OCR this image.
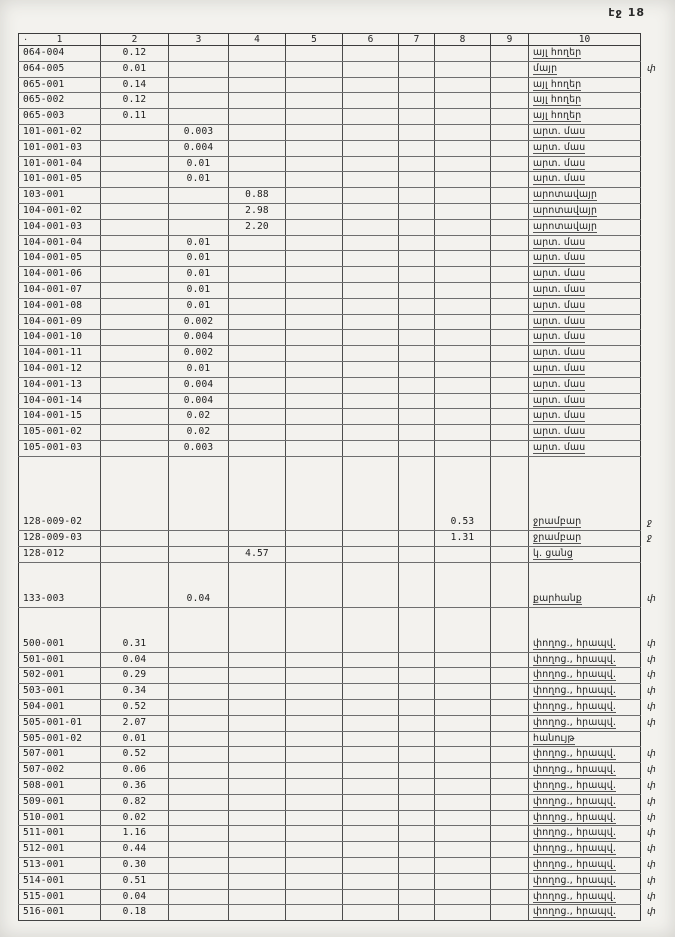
էջ 18
·	1	2	3	4	5	6	7	8	9	10	
064-004	0.12								այլ հողեր	
064-005	0.01								մայր	փ
065-001	0.14								այլ հողեր	
065-002	0.12								այլ հողեր	
065-003	0.11								այլ հողեր	
101-001-02		0.003							արտ. մաս	
101-001-03		0.004							արտ. մաս	
101-001-04		0.01							արտ. մաս	
101-001-05		0.01							արտ. մաս	
103-001			0.88						արոտավայր	
104-001-02			2.98						արոտավայր	
104-001-03			2.20						արոտավայր	
104-001-04		0.01							արտ. մաս	
104-001-05		0.01							արտ. մաս	
104-001-06		0.01							արտ. մաս	
104-001-07		0.01							արտ. մաս	
104-001-08		0.01							արտ. մաս	
104-001-09		0.002							արտ. մաս	
104-001-10		0.004							արտ. մաս	
104-001-11		0.002							արտ. մաս	
104-001-12		0.01							արտ. մաս	
104-001-13		0.004							արտ. մաս	
104-001-14		0.004							արտ. մաս	
104-001-15		0.02							արտ. մաս	
105-001-02		0.02							արտ. մաս	
105-001-03		0.003							արտ. մաս	

128-009-02							0.53		ջրամբար	ջ
128-009-03							1.31		ջրամբար	ջ
128-012			4.57						կ. ցանց	

133-003		0.04							քարհանք	փ

500-001	0.31								փողոց., հրապվ.	փ
501-001	0.04								փողոց., հրապվ.	փ
502-001	0.29								փողոց., հրապվ.	փ
503-001	0.34								փողոց., հրապվ.	փ
504-001	0.52								փողոց., հրապվ.	փ
505-001-01	2.07								փողոց., հրապվ.	փ
505-001-02	0.01								հանույթ	
507-001	0.52								փողոց., հրապվ.	փ
507-002	0.06								փողոց., հրապվ.	փ
508-001	0.36								փողոց., հրապվ.	փ
509-001	0.82								փողոց., հրապվ.	փ
510-001	0.02								փողոց., հրապվ.	փ
511-001	1.16								փողոց., հրապվ.	փ
512-001	0.44								փողոց., հրապվ.	փ
513-001	0.30								փողոց., հրապվ.	փ
514-001	0.51								փողոց., հրապվ.	փ
515-001	0.04								փողոց., հրապվ.	փ
516-001	0.18								փողոց., հրապվ.	փ
